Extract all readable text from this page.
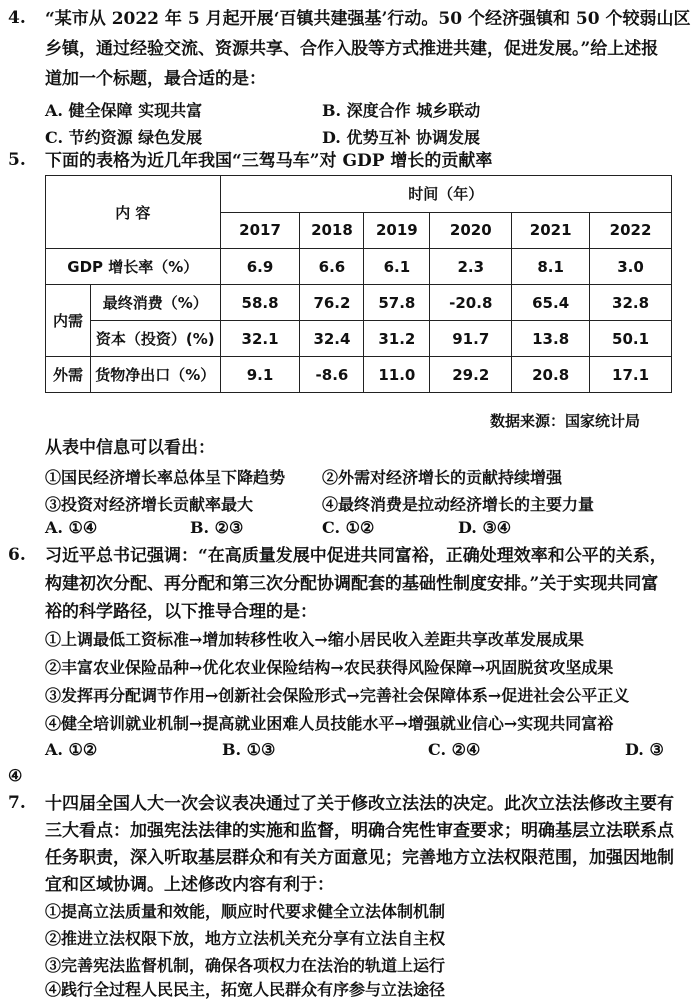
4. “某市从 2022 年 5 月起开展‘百镇共建强基’行动。50 个经济强镇和 50 个较弱山区
乡镇，通过经验交流、资源共享、合作入股等方式推进共建，促进发展。”给上述报
道加一个标题，最合适的是：
A. 健全保障 实现共富	B. 深度合作 城乡联动
C. 节约资源 绿色发展	D. 优势互补 协调发展
5. 下面的表格为近几年我国“三驾马车”对 GDP 增长的贡献率
内 容		时间（年）					
		2017	2018	2019	2020	2021	2022
GDP 增长率（%）		6.9	6.6	6.1	2.3	8.1	3.0
内需	最终消费（%）	58.8	76.2	57.8	-20.8	65.4	32.8
	资本（投资）(%)	32.1	32.4	31.2	91.7	13.8	50.1
外需	货物净出口（%）	9.1	-8.6	11.0	29.2	20.8	17.1
数据来源：国家统计局
从表中信息可以看出：
①国民经济增长率总体呈下降趋势 ②外需对经济增长的贡献持续增强
③投资对经济增长贡献率最大	④最终消费是拉动经济增长的主要力量
A. ①④	B. ②③	C. ①②	D. ③④
6. 习近平总书记强调：“在高质量发展中促进共同富裕，正确处理效率和公平的关系，
构建初次分配、再分配和第三次分配协调配套的基础性制度安排。”关于实现共同富
裕的科学路径，以下推导合理的是：
①上调最低工资标准→增加转移性收入→缩小居民收入差距共享改革发展成果
②丰富农业保险品种→优化农业保险结构→农民获得风险保障→巩固脱贫攻坚成果
③发挥再分配调节作用→创新社会保险形式→完善社会保障体系→促进社会公平正义
④健全培训就业机制→提高就业困难人员技能水平→增强就业信心→实现共同富裕
A. ①②	B. ①③	C. ②④	D. ③
④
7. 十四届全国人大一次会议表决通过了关于修改立法法的决定。此次立法法修改主要有
三大看点：加强宪法法律的实施和监督，明确合宪性审查要求；明确基层立法联系点
任务职责，深入听取基层群众和有关方面意见；完善地方立法权限范围，加强因地制
宜和区域协调。上述修改内容有利于：
①提高立法质量和效能，顺应时代要求健全立法体制机制
②推进立法权限下放，地方立法机关充分享有立法自主权
③完善宪法监督机制，确保各项权力在法治的轨道上运行
④践行全过程人民民主，拓宽人民群众有序参与立法途径
